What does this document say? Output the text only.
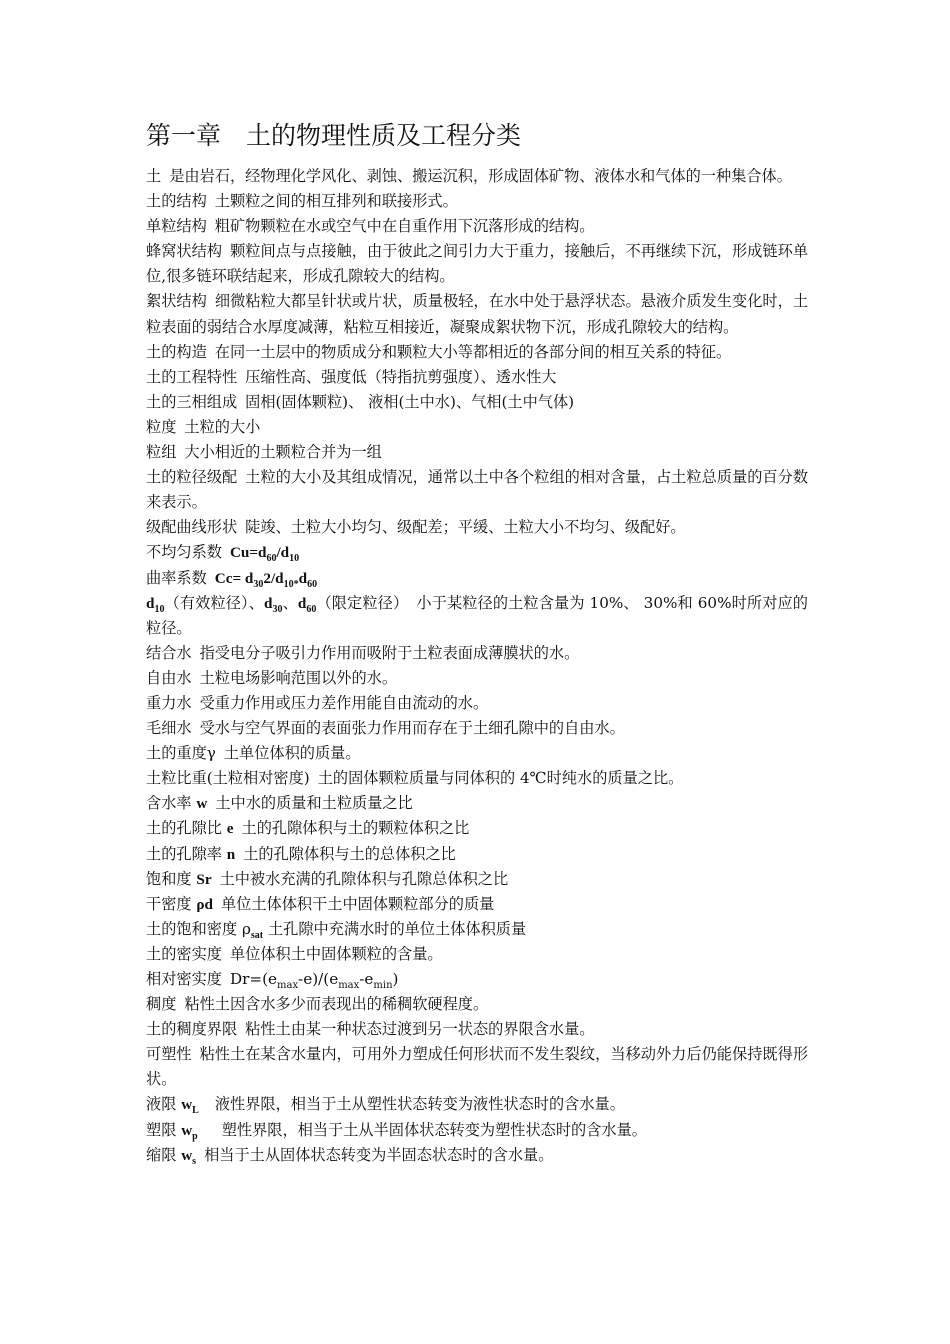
第一章　土的物理性质及工程分类

土 是由岩石，经物理化学风化、剥蚀、搬运沉积，形成固体矿物、液体水和气体的一种集合体。

土的结构 土颗粒之间的相互排列和联接形式。

单粒结构 粗矿物颗粒在水或空气中在自重作用下沉落形成的结构。

蜂窝状结构 颗粒间点与点接触，由于彼此之间引力大于重力，接触后，不再继续下沉，形成链环单位,很多链环联结起来，形成孔隙较大的结构。

絮状结构 细微粘粒大都呈针状或片状，质量极轻，在水中处于悬浮状态。悬液介质发生变化时，土粒表面的弱结合水厚度减薄，粘粒互相接近，凝聚成絮状物下沉，形成孔隙较大的结构。

土的构造 在同一土层中的物质成分和颗粒大小等都相近的各部分间的相互关系的特征。

土的工程特性 压缩性高、强度低（特指抗剪强度）、透水性大

土的三相组成 固相(固体颗粒)、 液相(土中水)、气相(土中气体)

粒度 土粒的大小

粒组 大小相近的土颗粒合并为一组

土的粒径级配 土粒的大小及其组成情况，通常以土中各个粒组的相对含量，占土粒总质量的百分数来表示。

级配曲线形状 陡竣、土粒大小均匀、级配差；平缓、土粒大小不均匀、级配好。

不均匀系数 $Cu=d_{60}/d_{10}$

曲率系数 $Cc= d_{30}2/d_{10*}d_{60}$

$d_{10}$（有效粒径）、$d_{30}$、$d_{60}$（限定粒径） 小于某粒径的土粒含量为 10%、 30%和 60%时所对应的粒径。

结合水 指受电分子吸引力作用而吸附于土粒表面成薄膜状的水。

自由水 土粒电场影响范围以外的水。

重力水 受重力作用或压力差作用能自由流动的水。

毛细水 受水与空气界面的表面张力作用而存在于土细孔隙中的自由水。

土的重度γ 土单位体积的质量。

土粒比重(土粒相对密度) 土的固体颗粒质量与同体积的 4℃时纯水的质量之比。

含水率 w 土中水的质量和土粒质量之比

土的孔隙比 e 土的孔隙体积与土的颗粒体积之比

土的孔隙率 n 土的孔隙体积与土的总体积之比

饱和度 Sr 土中被水充满的孔隙体积与孔隙总体积之比

干密度 ρd 单位土体体积干土中固体颗粒部分的质量

土的饱和密度 $\rho_{sat}$ 土孔隙中充满水时的单位土体体积质量

土的密实度 单位体积土中固体颗粒的含量。

相对密实度 $Dr=(e_{max}-e)/(e_{max}-e_{min})$

稠度 粘性土因含水多少而表现出的稀稠软硬程度。

土的稠度界限 粘性土由某一种状态过渡到另一状态的界限含水量。

可塑性 粘性土在某含水量内，可用外力塑成任何形状而不发生裂纹，当移动外力后仍能保持既得形状。

液限 $w_L$ 液性界限，相当于土从塑性状态转变为液性状态时的含水量。

塑限 $w_p$ 塑性界限，相当于土从半固体状态转变为塑性状态时的含水量。

缩限 $w_s$ 相当于土从固体状态转变为半固态状态时的含水量。
